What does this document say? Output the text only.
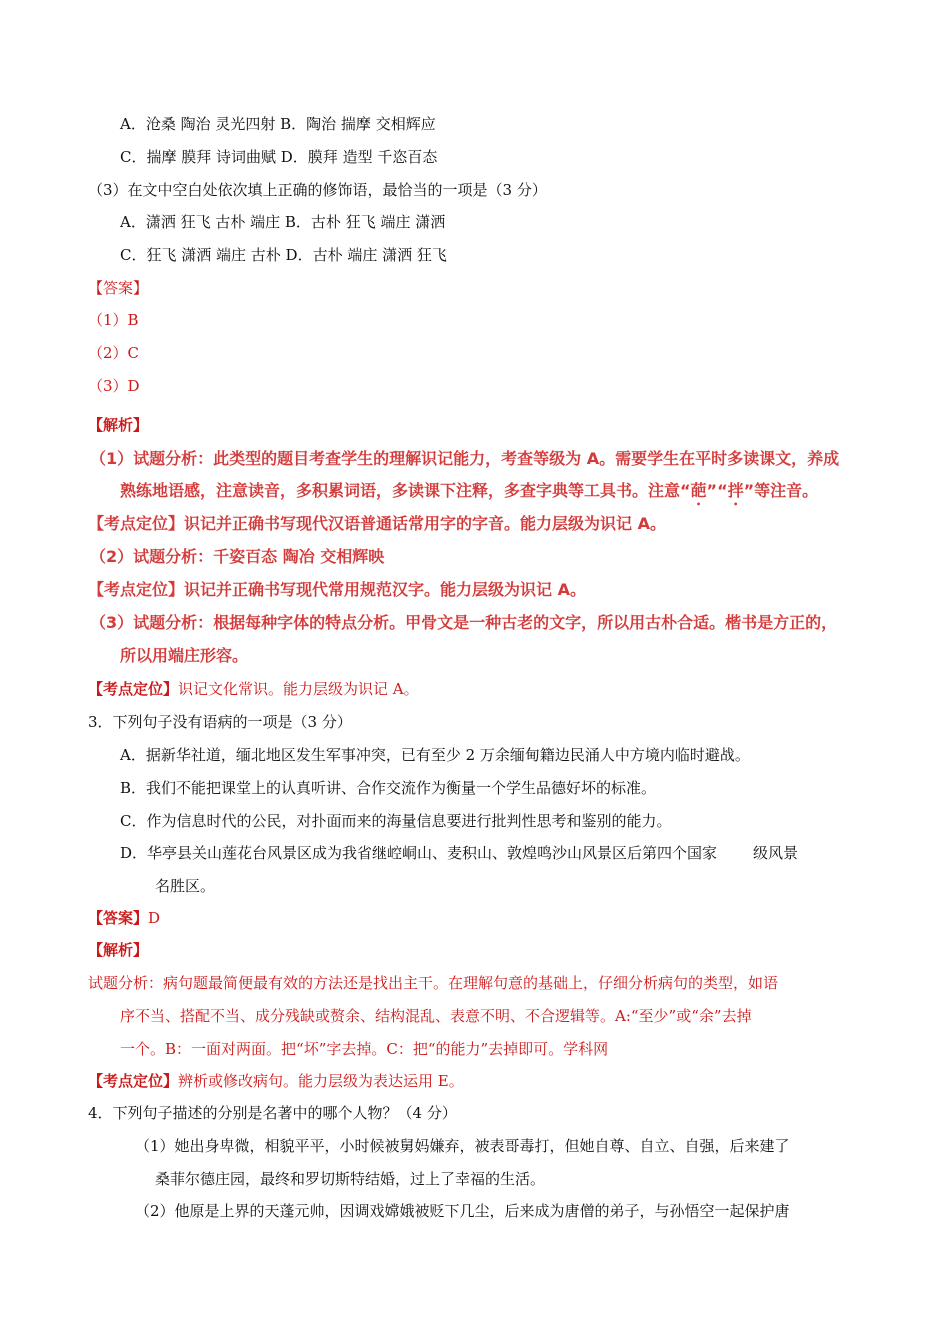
A．沧桑 陶治 灵光四射 B．陶治 揣摩 交相辉应
C．揣摩 膜拜 诗词曲赋 D．膜拜 造型 千恣百态
（3）在文中空白处依次填上正确的修饰语，最恰当的一项是（3 分）
A．潇洒 狂飞 古朴 端庄 B．古朴 狂飞 端庄 潇洒
C．狂飞 潇洒 端庄 古朴 D．古朴 端庄 潇洒 狂飞
【答案】
（1）B
（2）C
（3）D
【解析】
（1）试题分析：此类型的题目考查学生的理解识记能力，考查等级为 A。需要学生在平时多读课文，养成
熟练地语感，注意读音，多积累词语，多读课下注释，多查字典等工具书。注意“葩”“拌”等注音。
【考点定位】识记并正确书写现代汉语普通话常用字的字音。能力层级为识记 A。
（2）试题分析：千姿百态 陶冶 交相辉映
【考点定位】识记并正确书写现代常用规范汉字。能力层级为识记 A。
（3）试题分析：根据每种字体的特点分析。甲骨文是一种古老的文字，所以用古朴合适。楷书是方正的，
所以用端庄形容。
【考点定位】识记文化常识。能力层级为识记 A。
3．下列句子没有语病的一项是（3 分）
A．据新华社道，缅北地区发生军事冲突，已有至少 2 万余缅甸籍边民涌人中方境内临时避战。
B．我们不能把课堂上的认真听讲、合作交流作为衡量一个学生品德好坏的标准。
C．作为信息时代的公民，对扑面而来的海量信息要进行批判性思考和鉴别的能力。
D．华亭县关山莲花台风景区成为我省继崆峒山、麦积山、敦煌鸣沙山风景区后第四个国家 级风景
名胜区。
【答案】D
【解析】
试题分析：病句题最简便最有效的方法还是找出主干。在理解句意的基础上，仔细分析病句的类型，如语
序不当、搭配不当、成分残缺或赘余、结构混乱、表意不明、不合逻辑等。A:“至少”或“余”去掉
一个。B：一面对两面。把“坏”字去掉。C：把“的能力”去掉即可。学科网
【考点定位】辨析或修改病句。能力层级为表达运用 E。
4．下列句子描述的分别是名著中的哪个人物？（4 分）
（1）她出身卑微，相貌平平，小时候被舅妈嫌弃，被表哥毒打，但她自尊、自立、自强，后来建了
桑菲尔德庄园，最终和罗切斯特结婚，过上了幸福的生活。
（2）他原是上界的天蓬元帅，因调戏嫦娥被贬下几尘，后来成为唐僧的弟子，与孙悟空一起保护唐
